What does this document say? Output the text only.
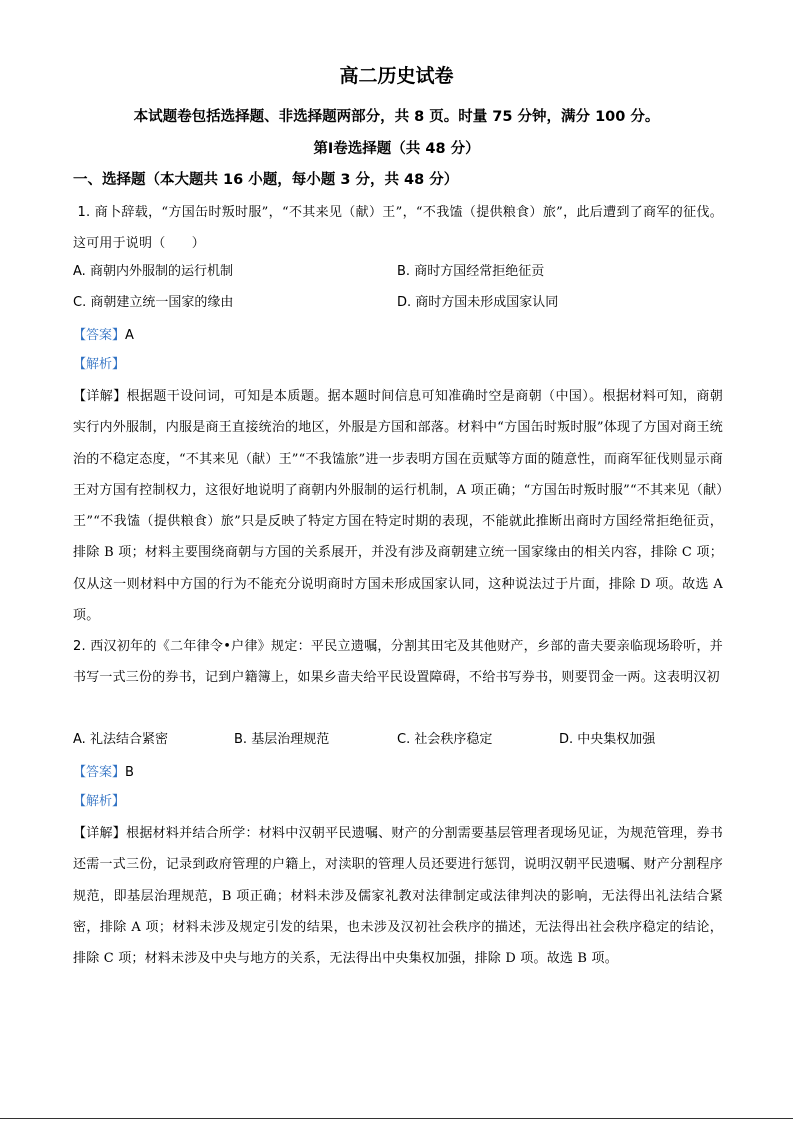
高二历史试卷
本试题卷包括选择题、非选择题两部分，共 8 页。时量 75 分钟，满分 100 分。
第Ⅰ卷选择题（共 48 分）
一、选择题（本大题共 16 小题，每小题 3 分，共 48 分）
1. 商卜辞载，“方国缶时叛时服”，“不其来见（献）王”，“不我馌（提供粮食）旅”，此后遭到了商军的征伐。这可用于说明（　　）
A. 商朝内外服制的运行机制	B. 商时方国经常拒绝征贡
C. 商朝建立统一国家的缘由	D. 商时方国未形成国家认同
【答案】A
【解析】
【详解】根据题干设问词，可知是本质题。据本题时间信息可知准确时空是商朝（中国）。根据材料可知，商朝实行内外服制，内服是商王直接统治的地区，外服是方国和部落。材料中“方国缶时叛时服”体现了方国对商王统治的不稳定态度，“不其来见（献）王”“不我馌旅”进一步表明方国在贡赋等方面的随意性，而商军征伐则显示商王对方国有控制权力，这很好地说明了商朝内外服制的运行机制，A 项正确；“方国缶时叛时服”“不其来见（献）王”“不我馌（提供粮食）旅”只是反映了特定方国在特定时期的表现，不能就此推断出商时方国经常拒绝征贡，排除 B 项；材料主要围绕商朝与方国的关系展开，并没有涉及商朝建立统一国家缘由的相关内容，排除 C 项；仅从这一则材料中方国的行为不能充分说明商时方国未形成国家认同，这种说法过于片面，排除 D 项。故选 A 项。
2. 西汉初年的《二年律令•户律》规定：平民立遗嘱，分割其田宅及其他财产，乡部的啬夫要亲临现场聆听，并书写一式三份的券书，记到户籍簿上，如果乡啬夫给平民设置障碍，不给书写券书，则要罚金一两。这表明汉初
A. 礼法结合紧密	B. 基层治理规范	C. 社会秩序稳定	D. 中央集权加强
【答案】B
【解析】
【详解】根据材料并结合所学：材料中汉朝平民遗嘱、财产的分割需要基层管理者现场见证，为规范管理，券书还需一式三份，记录到政府管理的户籍上，对渎职的管理人员还要进行惩罚，说明汉朝平民遗嘱、财产分割程序规范，即基层治理规范，B 项正确；材料未涉及儒家礼教对法律制定或法律判决的影响，无法得出礼法结合紧密，排除 A 项；材料未涉及规定引发的结果，也未涉及汉初社会秩序的描述，无法得出社会秩序稳定的结论，排除 C 项；材料未涉及中央与地方的关系，无法得出中央集权加强，排除 D 项。故选 B 项。
